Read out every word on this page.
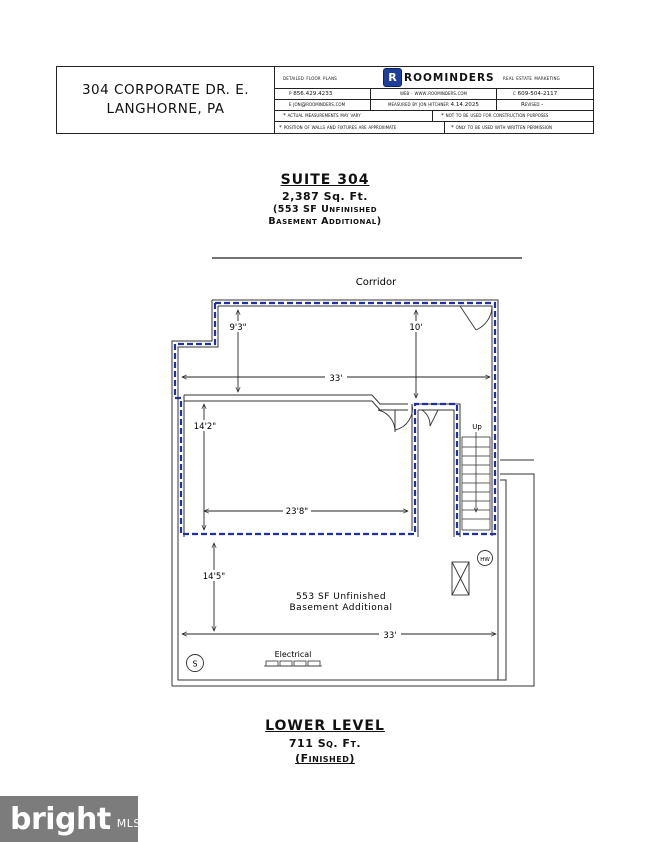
304 CORPORATE DR. E.
LANGHORNE, PA
detailed floor plans	R ROOMINDERS real estate marketing
p 856.429.4233	web · www.roominders.com	c 609-504-2117
e jon@roominders.com	measured by jon hitchner 4.14.2025	Revised -
* actual measurements may vary	* not to be used for construction purposes
* position of walls and fixtures are approximate	* only to be used with written permission
SUITE 304
2,387 Sq. Ft.
(553 SF Unfinished
Basement Additional)
Corridor
Up
HW
S
Electrical
9'3"	10'
33'
14'2"
23'8"
14'5"
33'
553 SF Unfinished
Basement Additional
LOWER LEVEL
711 Sq. Ft.
(Finished)
bright MLS
